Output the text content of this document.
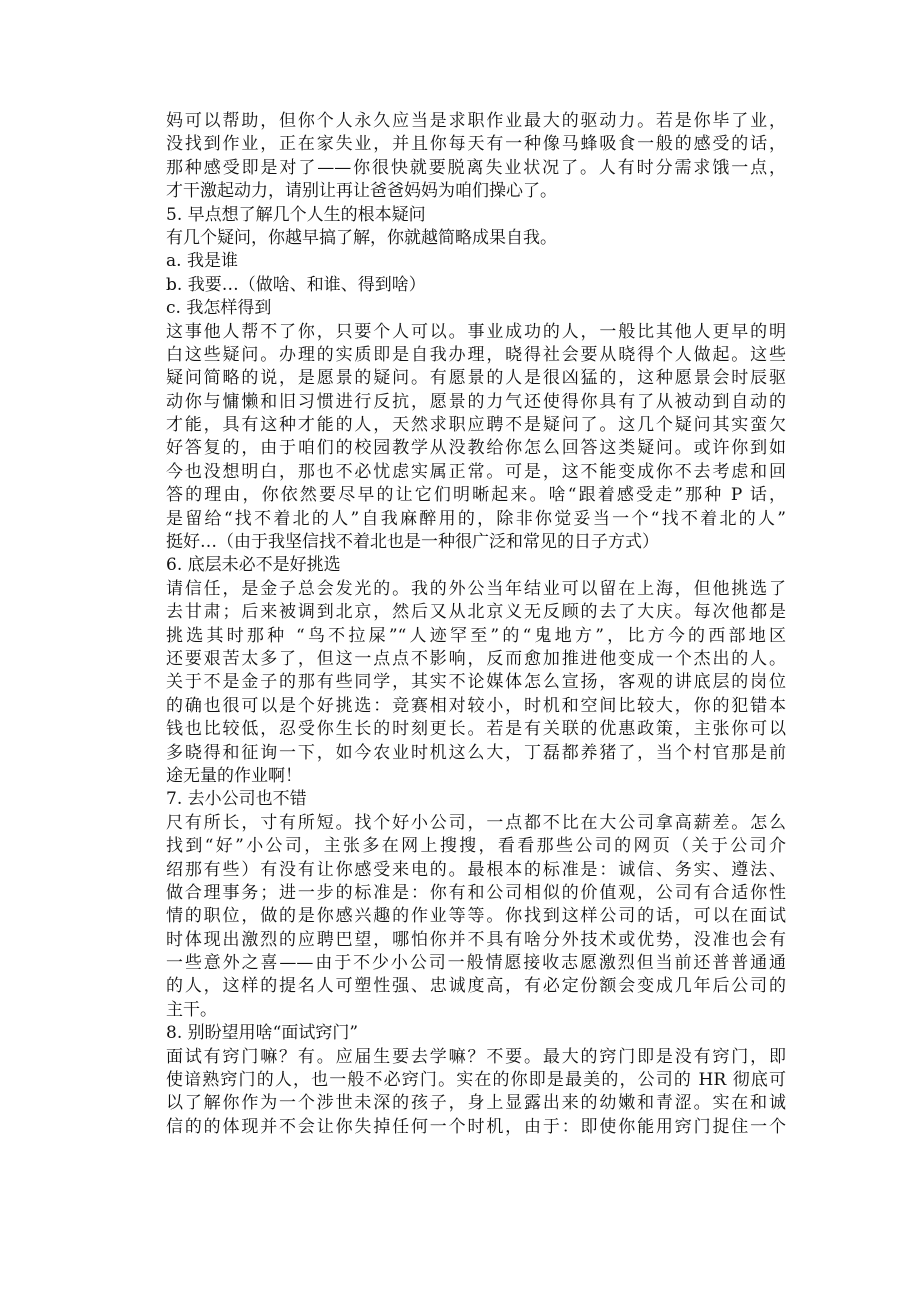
妈可以帮助，但你个人永久应当是求职作业最大的驱动力。若是你毕了业，
没找到作业，正在家失业，并且你每天有一种像马蜂吸食一般的感受的话，
那种感受即是对了——你很快就要脱离失业状况了。人有时分需求饿一点，
才干激起动力，请别让再让爸爸妈妈为咱们操心了。
5. 早点想了解几个人生的根本疑问
有几个疑问，你越早搞了解，你就越简略成果自我。
a. 我是谁
b. 我要…（做啥、和谁、得到啥）
c. 我怎样得到
这事他人帮不了你，只要个人可以。事业成功的人，一般比其他人更早的明
白这些疑问。办理的实质即是自我办理，晓得社会要从晓得个人做起。这些
疑问简略的说，是愿景的疑问。有愿景的人是很凶猛的，这种愿景会时辰驱
动你与慵懒和旧习惯进行反抗，愿景的力气还使得你具有了从被动到自动的
才能，具有这种才能的人，天然求职应聘不是疑问了。这几个疑问其实蛮欠
好答复的，由于咱们的校园教学从没教给你怎么回答这类疑问。或许你到如
今也没想明白，那也不必忧虑实属正常。可是，这不能变成你不去考虑和回
答的理由，你依然要尽早的让它们明晰起来。啥“跟着感受走”那种 P 话，
是留给“找不着北的人”自我麻醉用的，除非你觉妥当一个“找不着北的人”
挺好…（由于我坚信找不着北也是一种很广泛和常见的日子方式）
6. 底层未必不是好挑选
请信任，是金子总会发光的。我的外公当年结业可以留在上海，但他挑选了
去甘肃；后来被调到北京，然后又从北京义无反顾的去了大庆。每次他都是
挑选其时那种 “鸟不拉屎”“人迹罕至”的“鬼地方”，比方今的西部地区
还要艰苦太多了，但这一点点不影响，反而愈加推进他变成一个杰出的人。
关于不是金子的那有些同学，其实不论媒体怎么宣扬，客观的讲底层的岗位
的确也很可以是个好挑选：竞赛相对较小，时机和空间比较大，你的犯错本
钱也比较低，忍受你生长的时刻更长。若是有关联的优惠政策，主张你可以
多晓得和征询一下，如今农业时机这么大，丁磊都养猪了，当个村官那是前
途无量的作业啊！
7. 去小公司也不错
尺有所长，寸有所短。找个好小公司，一点都不比在大公司拿高薪差。怎么
找到“好”小公司，主张多在网上搜搜，看看那些公司的网页（关于公司介
绍那有些）有没有让你感受来电的。最根本的标准是：诚信、务实、遵法、
做合理事务；进一步的标准是：你有和公司相似的价值观，公司有合适你性
情的职位，做的是你感兴趣的作业等等。你找到这样公司的话，可以在面试
时体现出激烈的应聘巴望，哪怕你并不具有啥分外技术或优势，没准也会有
一些意外之喜——由于不少小公司一般情愿接收志愿激烈但当前还普普通通
的人，这样的提名人可塑性强、忠诚度高，有必定份额会变成几年后公司的
主干。
8. 别盼望用啥“面试窍门”
面试有窍门嘛？有。应届生要去学嘛？不要。最大的窍门即是没有窍门，即
使谙熟窍门的人，也一般不必窍门。实在的你即是最美的，公司的 HR 彻底可
以了解你作为一个涉世未深的孩子，身上显露出来的幼嫩和青涩。实在和诚
信的的体现并不会让你失掉任何一个时机，由于：即使你能用窍门捉住一个
